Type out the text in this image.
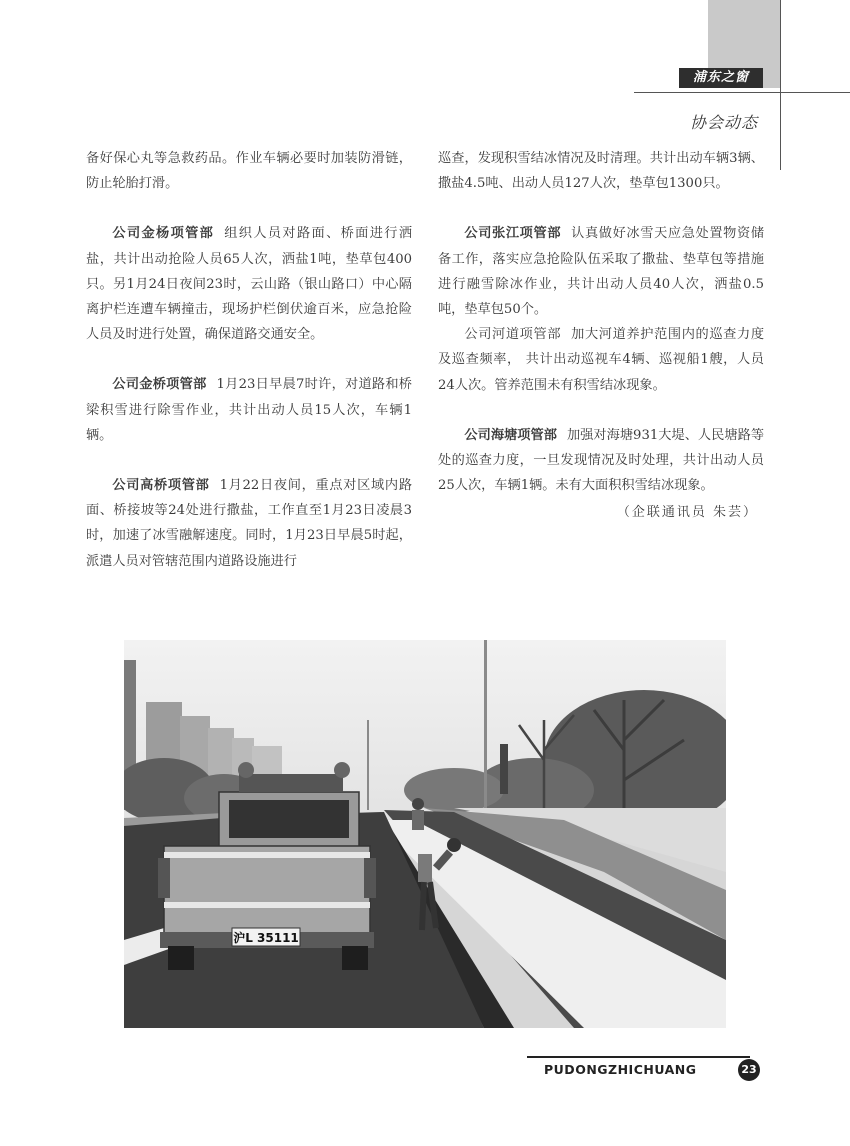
浦东之窗
协会动态

备好保心丸等急救药品。作业车辆必要时加装防滑链，防止轮胎打滑。

公司金杨项管部 组织人员对路面、桥面进行洒盐，共计出动抢险人员65人次，洒盐1吨，垫草包400只。另1月24日夜间23时，云山路（银山路口）中心隔离护栏连遭车辆撞击，现场护栏倒伏逾百米，应急抢险人员及时进行处置，确保道路交通安全。

公司金桥项管部 1月23日早晨7时许，对道路和桥梁积雪进行除雪作业，共计出动人员15人次，车辆1辆。

公司高桥项管部 1月22日夜间，重点对区域内路面、桥接坡等24处进行撒盐，工作直至1月23日凌晨3时，加速了冰雪融解速度。同时，1月23日早晨5时起，派遣人员对管辖范围内道路设施进行

巡查，发现积雪结冰情况及时清理。共计出动车辆3辆、撒盐4.5吨、出动人员127人次，垫草包1300只。

公司张江项管部 认真做好冰雪天应急处置物资储备工作，落实应急抢险队伍采取了撒盐、垫草包等措施进行融雪除冰作业，共计出动人员40人次，洒盐0.5吨，垫草包50个。

公司河道项管部 加大河道养护范围内的巡查力度及巡查频率， 共计出动巡视车4辆、巡视船1艘，人员24人次。管养范围未有积雪结冰现象。

公司海塘项管部 加强对海塘931大堤、人民塘路等处的巡查力度，一旦发现情况及时处理，共计出动人员25人次，车辆1辆。未有大面积积雪结冰现象。

（企联通讯员 朱芸）
沪L 35111
PUDONGZHICHUANG	23
